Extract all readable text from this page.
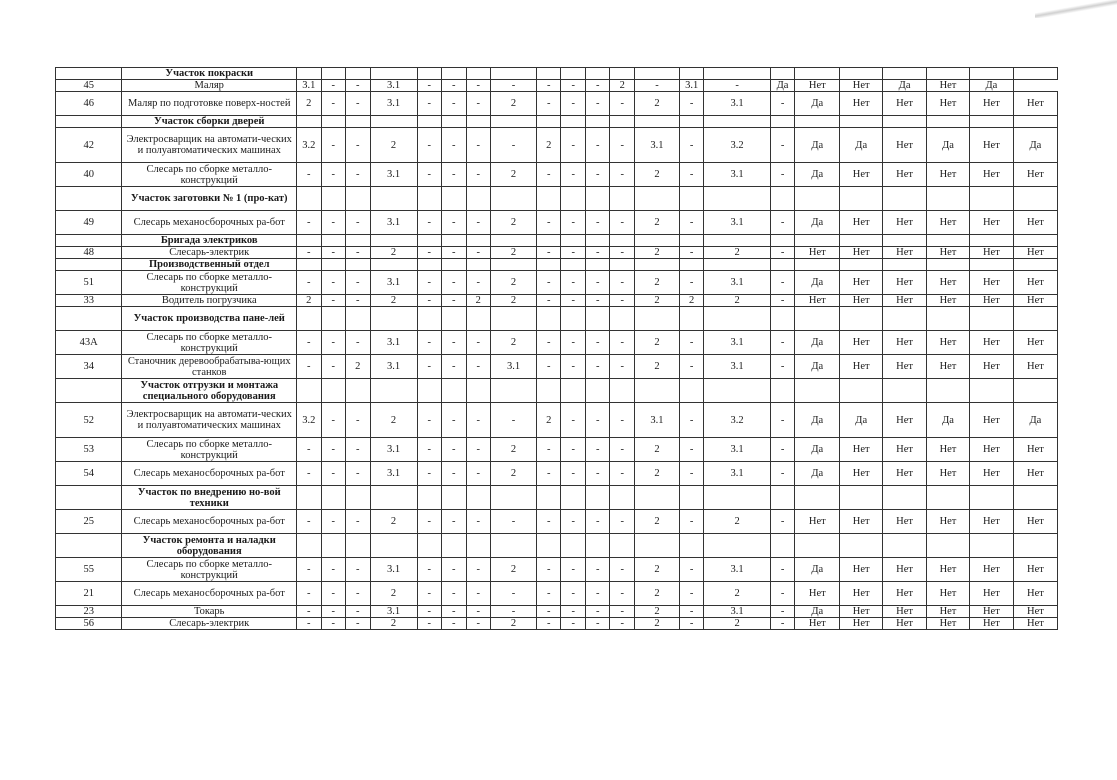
	Участок покраски																						
45	Маляр	3.1	-	-	3.1	-	-	-	-	-	-	-	2	-	3.1	-	Да	Нет	Нет	Да	Нет	Да	
46	Маляр по подготовке поверх-ностей	2	-	-	3.1	-	-	-	2	-	-	-	-	2	-	3.1	-	Да	Нет	Нет	Нет	Нет	Нет
	Участок сборки дверей																						
42	Электросварщик на автомати-ческих и полуавтоматических машинах	3.2	-	-	2	-	-	-	-	2	-	-	-	3.1	-	3.2	-	Да	Да	Нет	Да	Нет	Да
40	Слесарь по сборке металло-конструкций	-	-	-	3.1	-	-	-	2	-	-	-	-	2	-	3.1	-	Да	Нет	Нет	Нет	Нет	Нет
	Участок заготовки № 1 (про-кат)																						
49	Слесарь механосборочных ра-бот	-	-	-	3.1	-	-	-	2	-	-	-	-	2	-	3.1	-	Да	Нет	Нет	Нет	Нет	Нет
	Бригада электриков																						
48	Слесарь-электрик	-	-	-	2	-	-	-	2	-	-	-	-	2	-	2	-	Нет	Нет	Нет	Нет	Нет	Нет
	Производственный отдел																						
51	Слесарь по сборке металло-конструкций	-	-	-	3.1	-	-	-	2	-	-	-	-	2	-	3.1	-	Да	Нет	Нет	Нет	Нет	Нет
33	Водитель погрузчика	2	-	-	2	-	-	2	2	-	-	-	-	2	2	2	-	Нет	Нет	Нет	Нет	Нет	Нет
	Участок производства пане-лей																						
43А	Слесарь по сборке металло-конструкций	-	-	-	3.1	-	-	-	2	-	-	-	-	2	-	3.1	-	Да	Нет	Нет	Нет	Нет	Нет
34	Станочник деревообрабатыва-ющих станков	-	-	2	3.1	-	-	-	3.1	-	-	-	-	2	-	3.1	-	Да	Нет	Нет	Нет	Нет	Нет
	Участок отгрузки и монтажа специального оборудования																						
52	Электросварщик на автомати-ческих и полуавтоматических машинах	3.2	-	-	2	-	-	-	-	2	-	-	-	3.1	-	3.2	-	Да	Да	Нет	Да	Нет	Да
53	Слесарь по сборке металло-конструкций	-	-	-	3.1	-	-	-	2	-	-	-	-	2	-	3.1	-	Да	Нет	Нет	Нет	Нет	Нет
54	Слесарь механосборочных ра-бот	-	-	-	3.1	-	-	-	2	-	-	-	-	2	-	3.1	-	Да	Нет	Нет	Нет	Нет	Нет
	Участок по внедрению но-вой техники																						
25	Слесарь механосборочных ра-бот	-	-	-	2	-	-	-	-	-	-	-	-	2	-	2	-	Нет	Нет	Нет	Нет	Нет	Нет
	Участок ремонта и наладки оборудования																						
55	Слесарь по сборке металло-конструкций	-	-	-	3.1	-	-	-	2	-	-	-	-	2	-	3.1	-	Да	Нет	Нет	Нет	Нет	Нет
21	Слесарь механосборочных ра-бот	-	-	-	2	-	-	-	-	-	-	-	-	2	-	2	-	Нет	Нет	Нет	Нет	Нет	Нет
23	Токарь	-	-	-	3.1	-	-	-	-	-	-	-	-	2	-	3.1	-	Да	Нет	Нет	Нет	Нет	Нет
56	Слесарь-электрик	-	-	-	2	-	-	-	2	-	-	-	-	2	-	2	-	Нет	Нет	Нет	Нет	Нет	Нет
